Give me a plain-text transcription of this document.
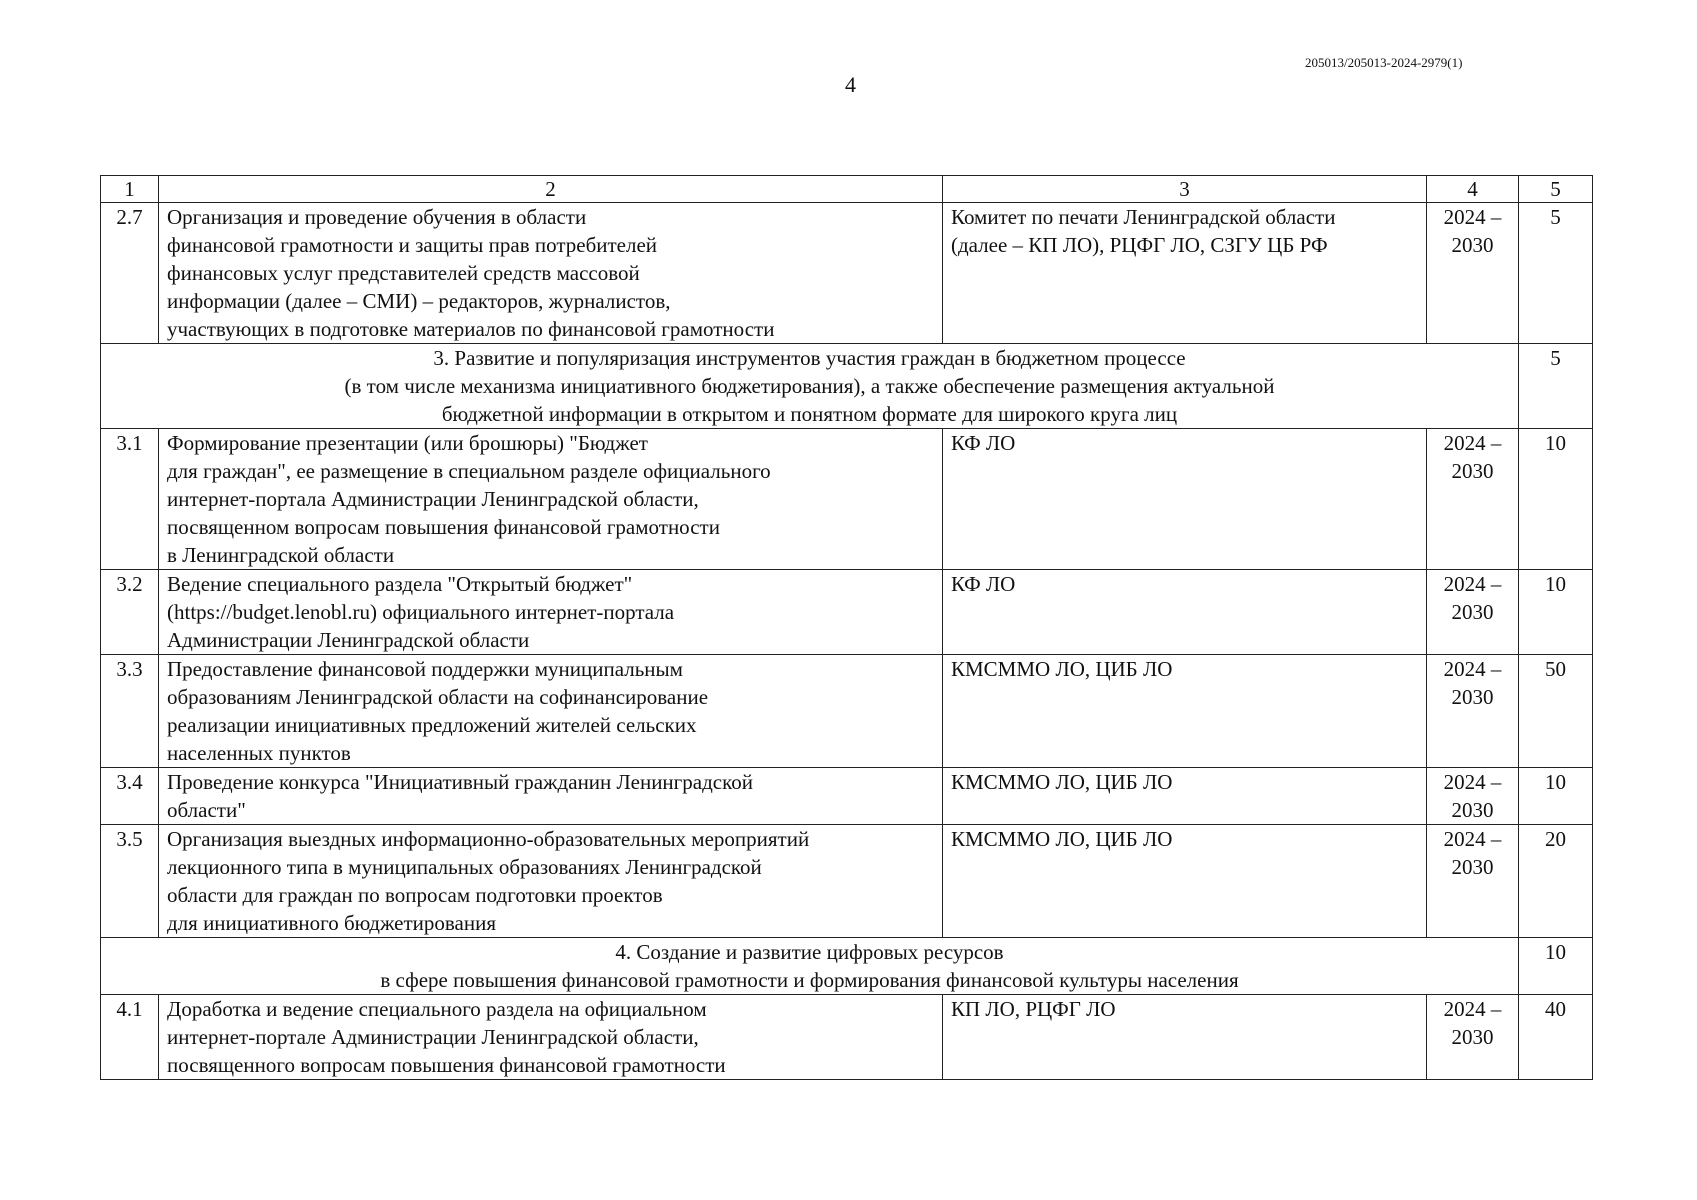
205013/205013-2024-2979(1)
4
1	2	3	4	5
2.7	Организация и проведение обучения в области
финансовой грамотности и защиты прав потребителей
финансовых услуг представителей средств массовой
информации (далее – СМИ) – редакторов, журналистов,
участвующих в подготовке материалов по финансовой грамотности	Комитет по печати Ленинградской области
(далее – КП ЛО), РЦФГ ЛО, СЗГУ ЦБ РФ	2024 –
2030	5

3. Развитие и популяризация инструментов участия граждан в бюджетном процессе
(в том числе механизма инициативного бюджетирования), а также обеспечение размещения актуальной
бюджетной информации в открытом и понятном формате для широкого круга лиц				5
3.1	Формирование презентации (или брошюры) "Бюджет
для граждан", ее размещение в специальном разделе официального
интернет-портала Администрации Ленинградской области,
посвященном вопросам повышения финансовой грамотности
в Ленинградской области	КФ ЛО	2024 –
2030	10
3.2	Ведение специального раздела "Открытый бюджет"
(https://budget.lenobl.ru) официального интернет-портала
Администрации Ленинградской области	КФ ЛО	2024 –
2030	10
3.3	Предоставление финансовой поддержки муниципальным
образованиям Ленинградской области на софинансирование
реализации инициативных предложений жителей сельских
населенных пунктов	КМСММО ЛО, ЦИБ ЛО	2024 –
2030	50
3.4	Проведение конкурса "Инициативный гражданин Ленинградской
области"	КМСММО ЛО, ЦИБ ЛО	2024 –
2030	10
3.5	Организация выездных информационно-образовательных мероприятий
лекционного типа в муниципальных образованиях Ленинградской
области для граждан по вопросам подготовки проектов
для инициативного бюджетирования	КМСММО ЛО, ЦИБ ЛО	2024 –
2030	20

4. Создание и развитие цифровых ресурсов
в сфере повышения финансовой грамотности и формирования финансовой культуры населения				10
4.1	Доработка и ведение специального раздела на официальном
интернет-портале Администрации Ленинградской области,
посвященного вопросам повышения финансовой грамотности	КП ЛО, РЦФГ ЛО	2024 –
2030	40
